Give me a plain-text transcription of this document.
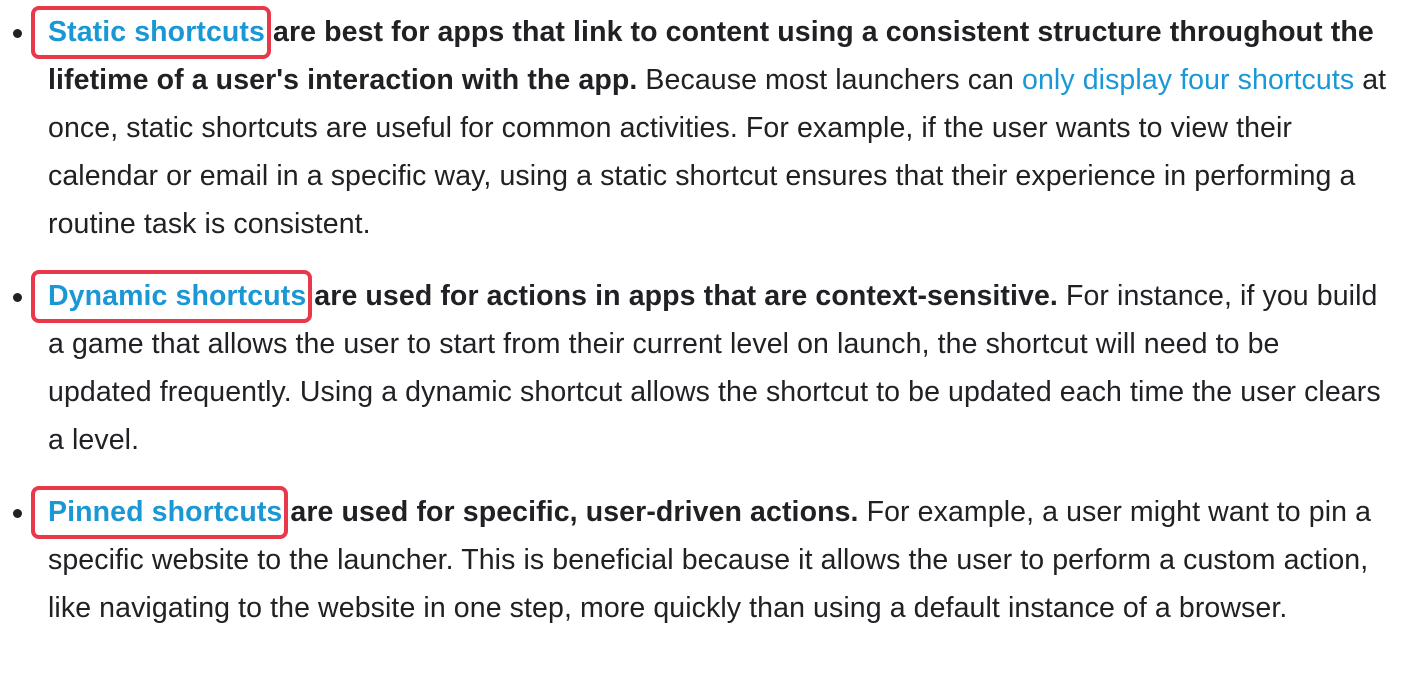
Static shortcuts
are best for apps that link to content using a consistent structure throughout the lifetime of a user's interaction with the app. Because most launchers can only display four shortcuts at once, static shortcuts are useful for common activities. For example, if the user wants to view their calendar or email in a specific way, using a static shortcut ensures that their experience in performing a routine task is consistent.
Dynamic shortcuts
are used for actions in apps that are context-sensitive. For instance, if you build a game that allows the user to start from their current level on launch, the shortcut will need to be updated frequently. Using a dynamic shortcut allows the shortcut to be updated each time the user clears a level.
Pinned shortcuts
are used for specific, user-driven actions. For example, a user might want to pin a specific website to the launcher. This is beneficial because it allows the user to perform a custom action, like navigating to the website in one step, more quickly than using a default instance of a browser.
